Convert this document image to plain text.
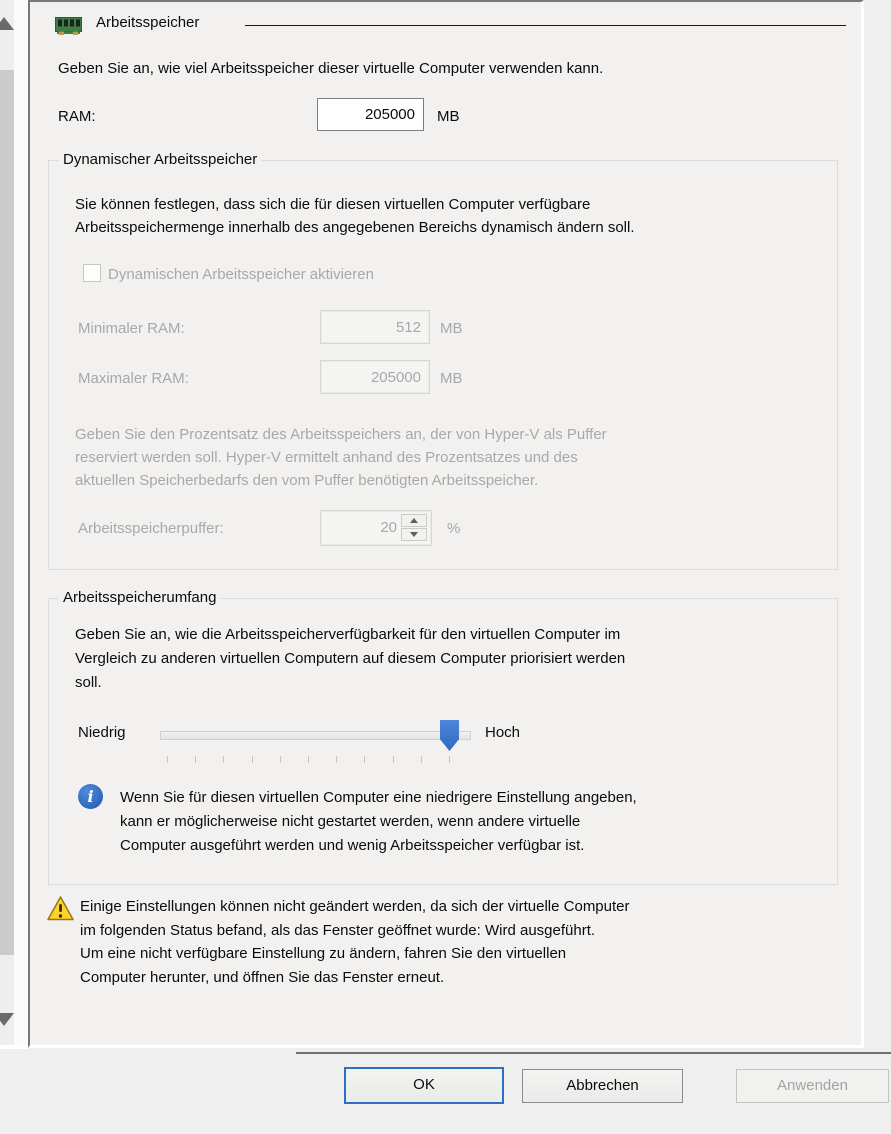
Arbeitsspeicher
Geben Sie an, wie viel Arbeitsspeicher dieser virtuelle Computer verwenden kann.
RAM:
205000	MB
Dynamischer Arbeitsspeicher
Sie können festlegen, dass sich die für diesen virtuellen Computer verfügbare
Arbeitsspeichermenge innerhalb des angegebenen Bereichs dynamisch ändern soll.
Dynamischen Arbeitsspeicher aktivieren
Minimaler RAM:
512	MB
Maximaler RAM:
205000	MB
Geben Sie den Prozentsatz des Arbeitsspeichers an, der von Hyper-V als Puffer
reserviert werden soll. Hyper-V ermittelt anhand des Prozentsatzes und des
aktuellen Speicherbedarfs den vom Puffer benötigten Arbeitsspeicher.
Arbeitsspeicherpuffer:	20	%
Arbeitsspeicherumfang
Geben Sie an, wie die Arbeitsspeicherverfügbarkeit für den virtuellen Computer im
Vergleich zu anderen virtuellen Computern auf diesem Computer priorisiert werden
soll.
Niedrig	Hoch
i	Wenn Sie für diesen virtuellen Computer eine niedrigere Einstellung angeben,
kann er möglicherweise nicht gestartet werden, wenn andere virtuelle
Computer ausgeführt werden und wenig Arbeitsspeicher verfügbar ist.
Einige Einstellungen können nicht geändert werden, da sich der virtuelle Computer
im folgenden Status befand, als das Fenster geöffnet wurde: Wird ausgeführt.
Um eine nicht verfügbare Einstellung zu ändern, fahren Sie den virtuellen
Computer herunter, und öffnen Sie das Fenster erneut.
OK	Abbrechen	Anwenden
